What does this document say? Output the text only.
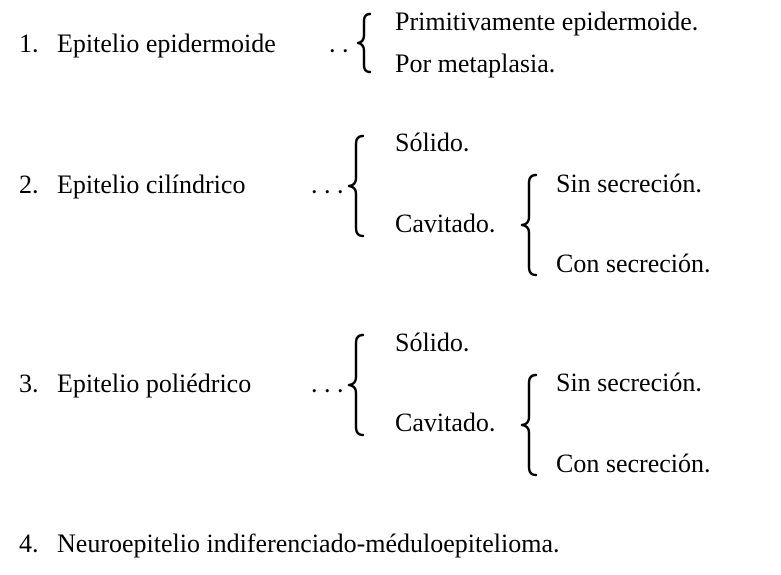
1. Epitelio epidermoide . .
Primitivamente epidermoide.
Por metaplasia.
2. Epitelio cilíndrico	. . .
Sólido.
Cavitado.
Sin secreción.
Con secreción.
3. Epitelio poliédrico . . .
Sólido.
Cavitado.
Sin secreción.
Con secreción.
4. Neuroepitelio indiferenciado-méduloepitelioma.
